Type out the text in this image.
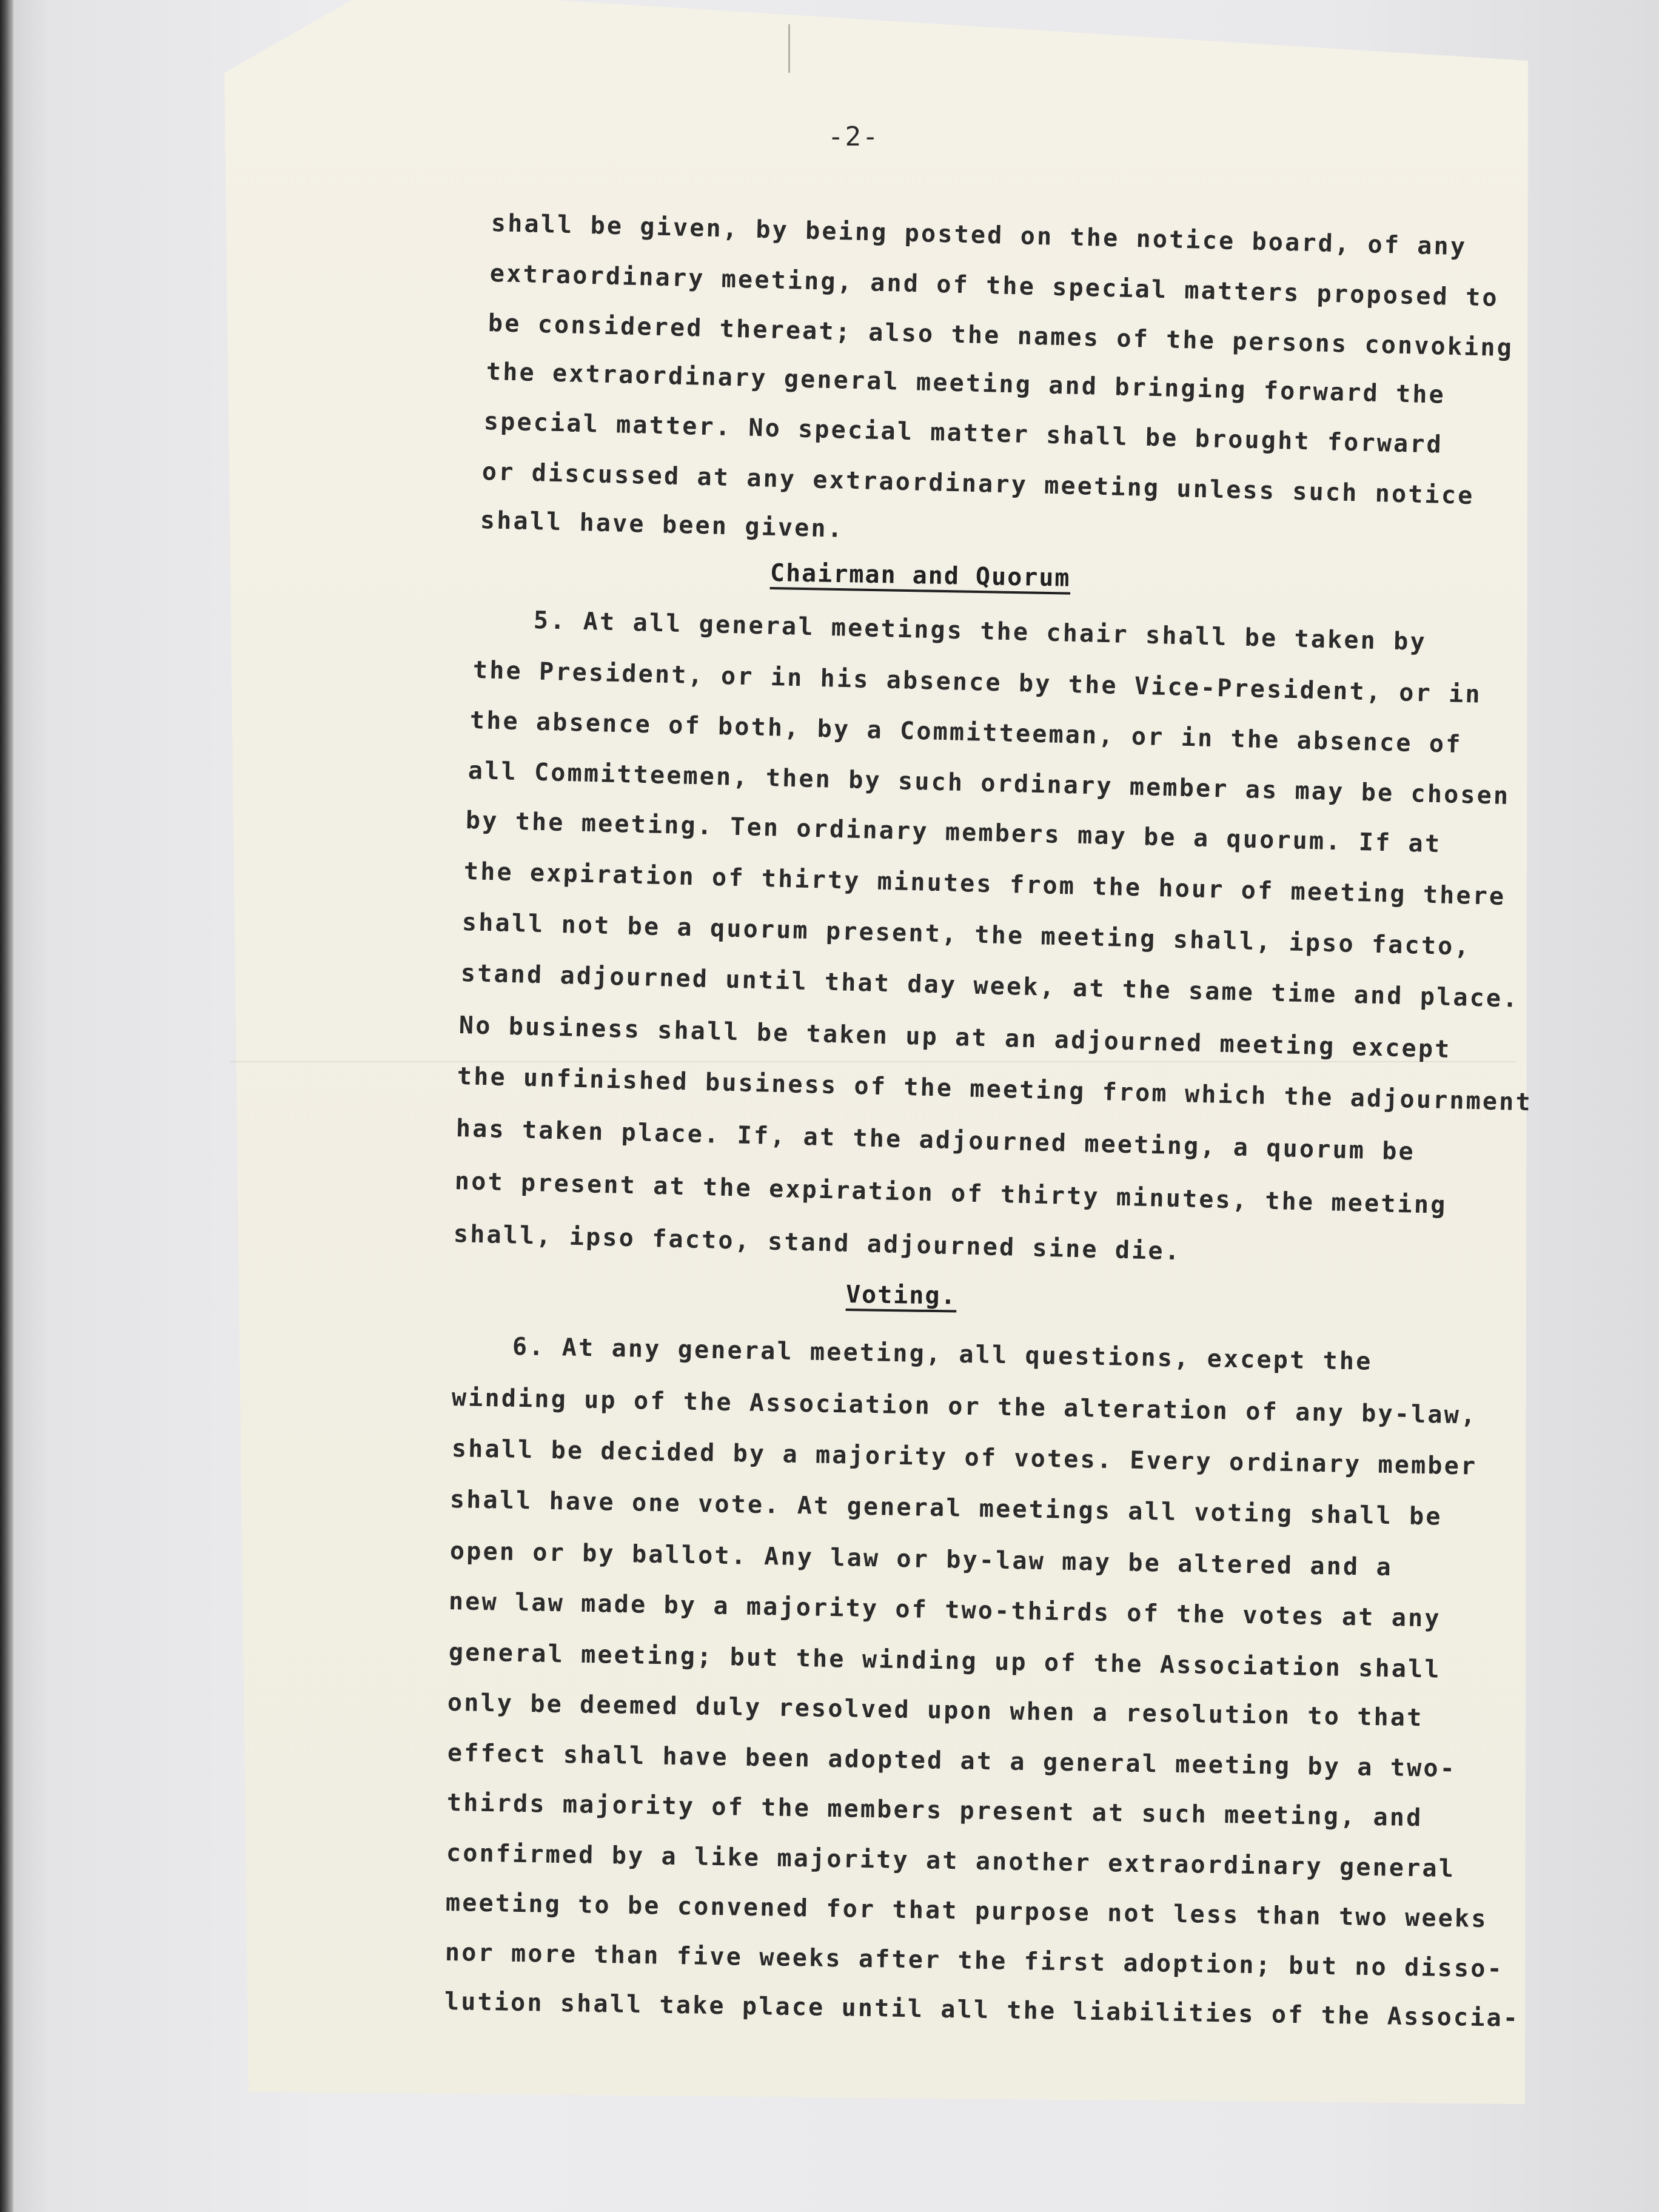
-2-
shall be given, by being posted on the notice board, of any
extraordinary meeting, and of the special matters proposed to
be considered thereat; also the names of the persons convoking
the extraordinary general meeting and bringing forward the
special matter. No special matter shall be brought forward
or discussed at any extraordinary meeting unless such notice
shall have been given.
Chairman and Quorum
5. At all general meetings the chair shall be taken by
the President, or in his absence by the Vice-President, or in
the absence of both, by a Committeeman, or in the absence of
all Committeemen, then by such ordinary member as may be chosen
by the meeting. Ten ordinary members may be a quorum. If at
the expiration of thirty minutes from the hour of meeting there
shall not be a quorum present, the meeting shall, ipso facto,
stand adjourned until that day week, at the same time and place.
No business shall be taken up at an adjourned meeting except
the unfinished business of the meeting from which the adjournment
has taken place. If, at the adjourned meeting, a quorum be
not present at the expiration of thirty minutes, the meeting
shall, ipso facto, stand adjourned sine die.
Voting.
6. At any general meeting, all questions, except the
winding up of the Association or the alteration of any by-law,
shall be decided by a majority of votes. Every ordinary member
shall have one vote. At general meetings all voting shall be
open or by ballot. Any law or by-law may be altered and a
new law made by a majority of two-thirds of the votes at any
general meeting; but the winding up of the Association shall
only be deemed duly resolved upon when a resolution to that
effect shall have been adopted at a general meeting by a two-
thirds majority of the members present at such meeting, and
confirmed by a like majority at another extraordinary general
meeting to be convened for that purpose not less than two weeks
nor more than five weeks after the first adoption; but no disso-
lution shall take place until all the liabilities of the Associa-
